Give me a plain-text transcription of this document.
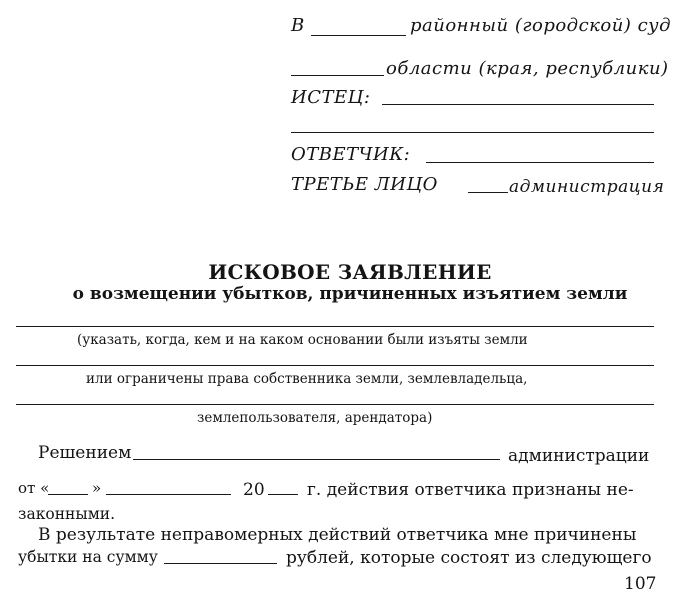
В	районный (городской) суд
области (края, республики)
ИСТЕЦ:
ОТВЕТЧИК:
ТРЕТЬЕ ЛИЦО	администрация
ИСКОВОЕ ЗАЯВЛЕНИЕ
о возмещении убытков, причиненных изъятием земли
(указать, когда, кем и на каком основании были изъяты земли
или ограничены права собственника земли, землевладельца,
землепользователя, арендатора)
Решением	администрации
от «	»	20 г. действия ответчика признаны не-
законными.
В результате неправомерных действий ответчика мне причинены
убытки на сумму	рублей, которые состоят из следующего
107
